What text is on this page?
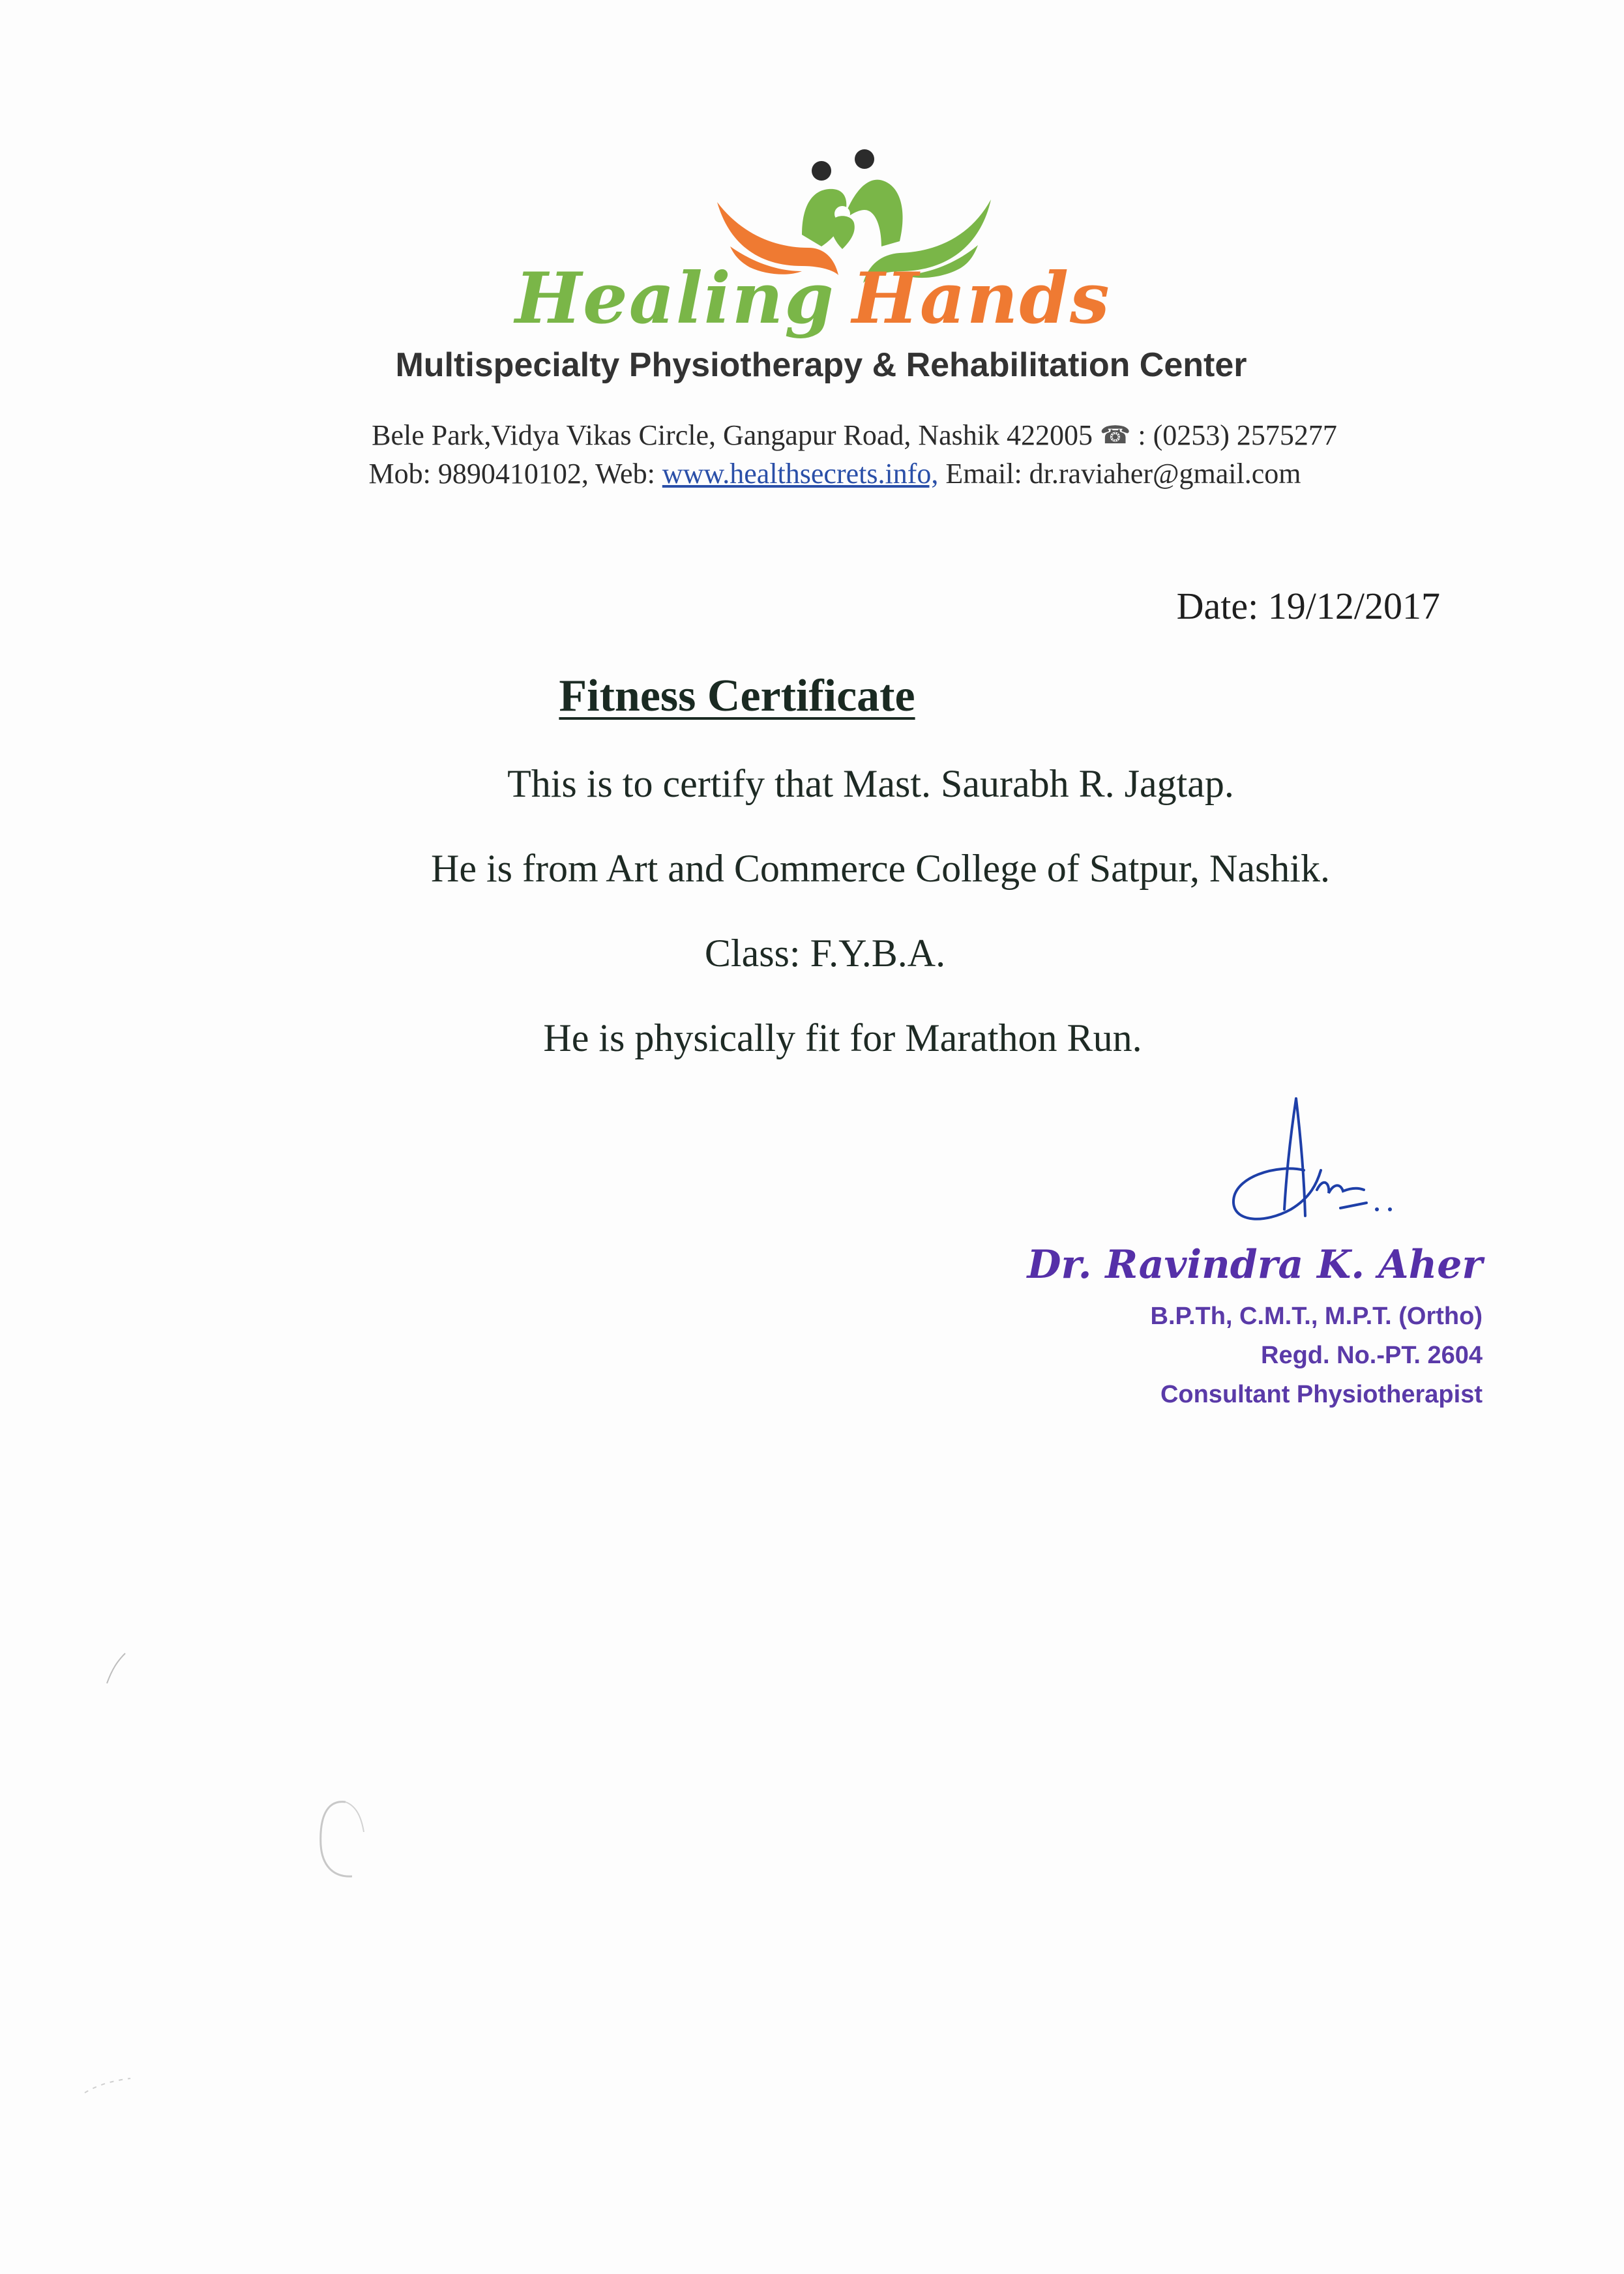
Healing Hands
Multispecialty Physiotherapy & Rehabilitation Center
Bele Park,Vidya Vikas Circle, Gangapur Road, Nashik 422005 ☎ : (0253) 2575277
Mob: 9890410102, Web: www.healthsecrets.info, Email: dr.raviaher@gmail.com
Date: 19/12/2017
Fitness Certificate
This is to certify that Mast. Saurabh R. Jagtap.
He is from Art and Commerce College of Satpur, Nashik.
Class: F.Y.B.A.
He is physically fit for Marathon Run.
Dr. Ravindra K. Aher
B.P.Th, C.M.T., M.P.T. (Ortho)
Regd. No.-PT. 2604
Consultant Physiotherapist
